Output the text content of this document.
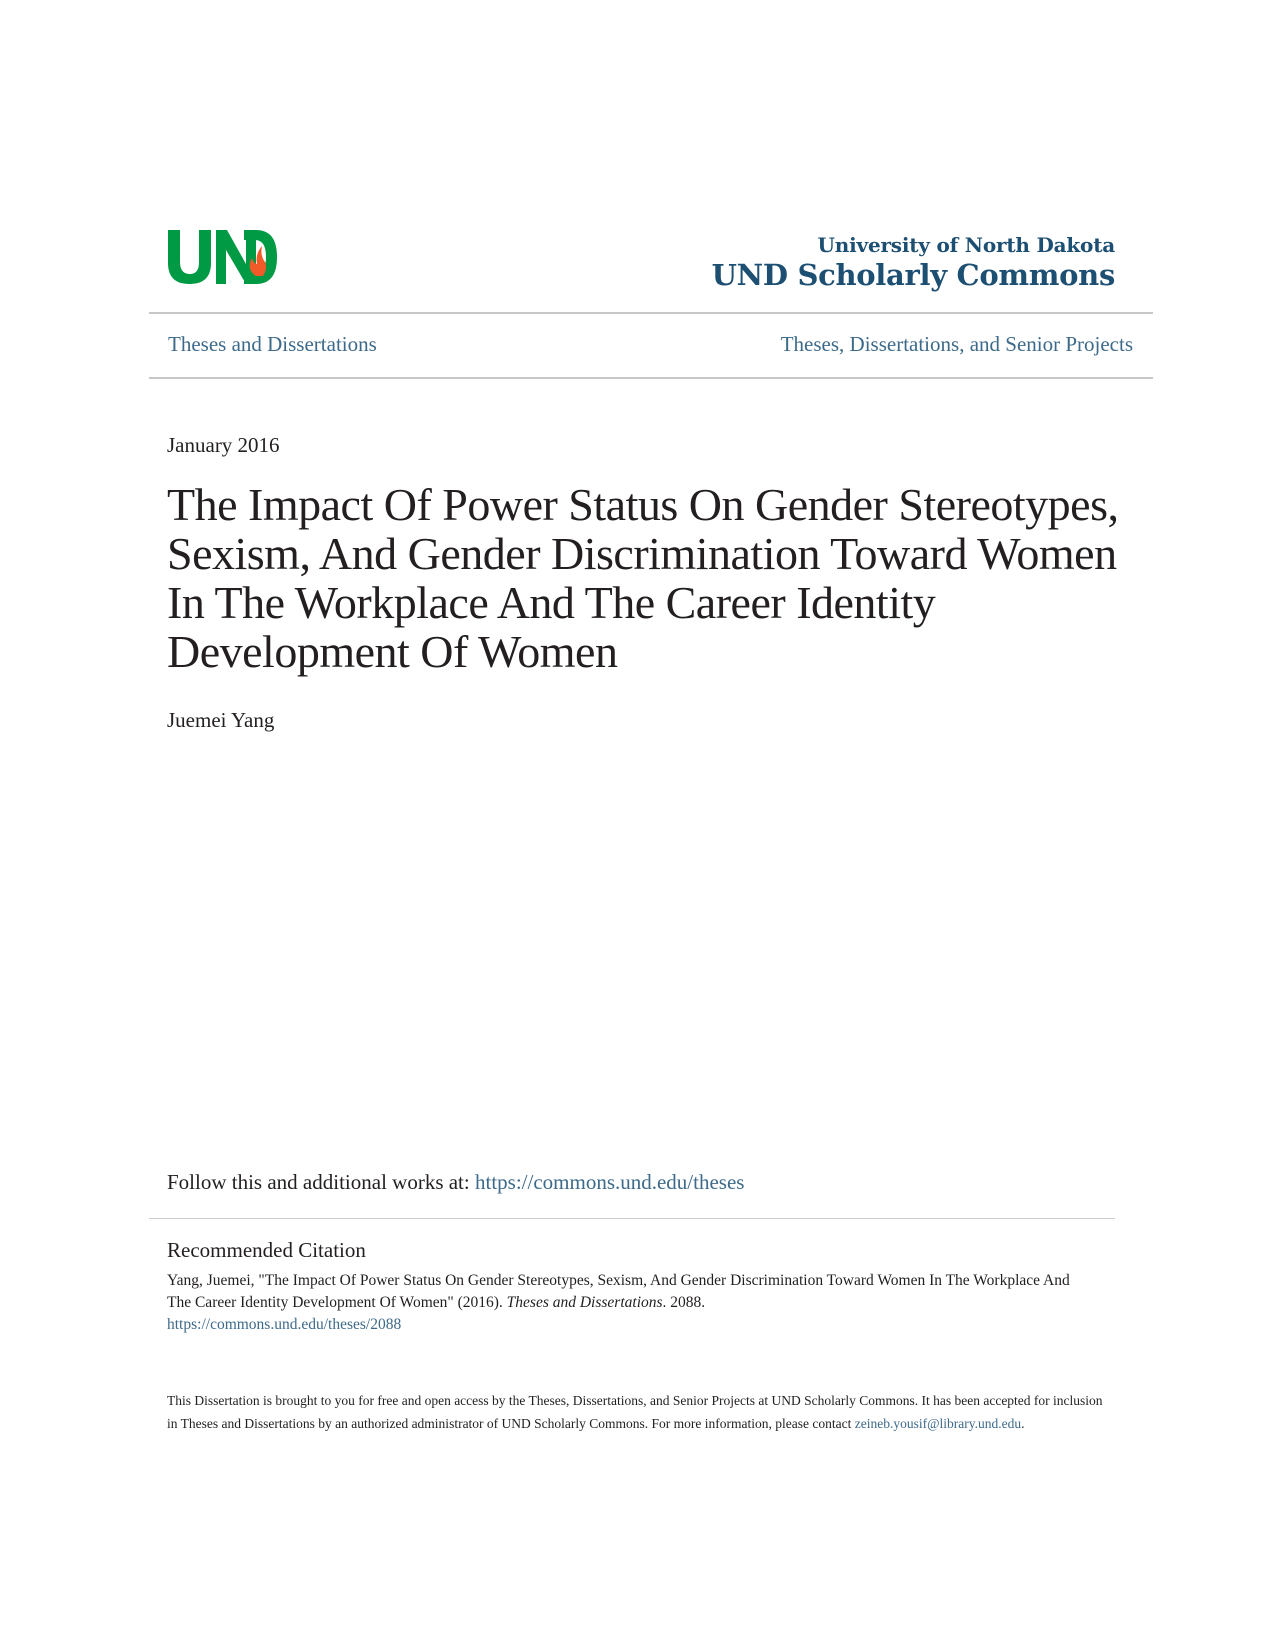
University of North Dakota
UND Scholarly Commons
Theses and Dissertations	Theses, Dissertations, and Senior Projects
January 2016
The Impact Of Power Status On Gender Stereotypes, Sexism, And Gender Discrimination Toward Women In The Workplace And The Career Identity Development Of Women
Juemei Yang
Follow this and additional works at: https://commons.und.edu/theses
Recommended Citation
Yang, Juemei, "The Impact Of Power Status On Gender Stereotypes, Sexism, And Gender Discrimination Toward Women In The Workplace And The Career Identity Development Of Women" (2016). Theses and Dissertations. 2088.
https://commons.und.edu/theses/2088
This Dissertation is brought to you for free and open access by the Theses, Dissertations, and Senior Projects at UND Scholarly Commons. It has been accepted for inclusion in Theses and Dissertations by an authorized administrator of UND Scholarly Commons. For more information, please contact zeineb.yousif@library.und.edu.
